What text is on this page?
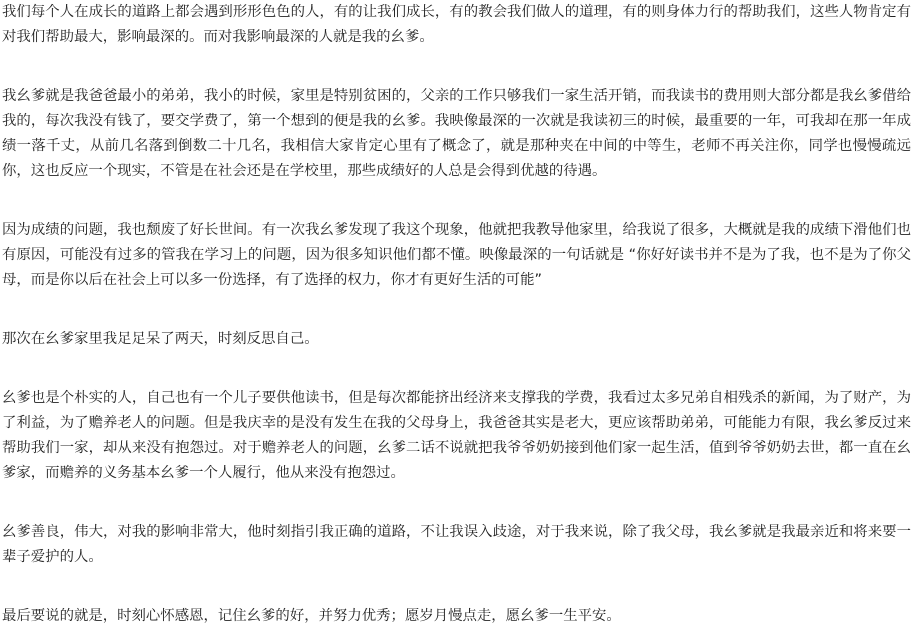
我们每个人在成长的道路上都会遇到形形色色的人，有的让我们成长，有的教会我们做人的道理，有的则身体力行的帮助我们，这些人物肯定有对我们帮助最大，影响最深的。而对我影响最深的人就是我的幺爹。

我幺爹就是我爸爸最小的弟弟，我小的时候，家里是特别贫困的，父亲的工作只够我们一家生活开销，而我读书的费用则大部分都是我幺爹借给我的，每次我没有钱了，要交学费了，第一个想到的便是我的幺爹。我映像最深的一次就是我读初三的时候，最重要的一年，可我却在那一年成绩一落千丈，从前几名落到倒数二十几名，我相信大家肯定心里有了概念了，就是那种夹在中间的中等生，老师不再关注你，同学也慢慢疏远你，这也反应一个现实，不管是在社会还是在学校里，那些成绩好的人总是会得到优越的待遇。

因为成绩的问题，我也颓废了好长世间。有一次我幺爹发现了我这个现象，他就把我教导他家里，给我说了很多，大概就是我的成绩下滑他们也有原因，可能没有过多的管我在学习上的问题，因为很多知识他们都不懂。映像最深的一句话就是 “你好好读书并不是为了我，也不是为了你父母，而是你以后在社会上可以多一份选择，有了选择的权力，你才有更好生活的可能”

那次在幺爹家里我足足呆了两天，时刻反思自己。

幺爹也是个朴实的人，自己也有一个儿子要供他读书，但是每次都能挤出经济来支撑我的学费，我看过太多兄弟自相残杀的新闻，为了财产，为了利益，为了赡养老人的问题。但是我庆幸的是没有发生在我的父母身上，我爸爸其实是老大，更应该帮助弟弟，可能能力有限，我幺爹反过来帮助我们一家，却从来没有抱怨过。对于赡养老人的问题，幺爹二话不说就把我爷爷奶奶接到他们家一起生活，值到爷爷奶奶去世，都一直在幺爹家，而赡养的义务基本幺爹一个人履行，他从来没有抱怨过。

幺爹善良，伟大，对我的影响非常大，他时刻指引我正确的道路，不让我误入歧途，对于我来说，除了我父母，我幺爹就是我最亲近和将来要一辈子爱护的人。

最后要说的就是，时刻心怀感恩，记住幺爹的好，并努力优秀；愿岁月慢点走，愿幺爹一生平安。
